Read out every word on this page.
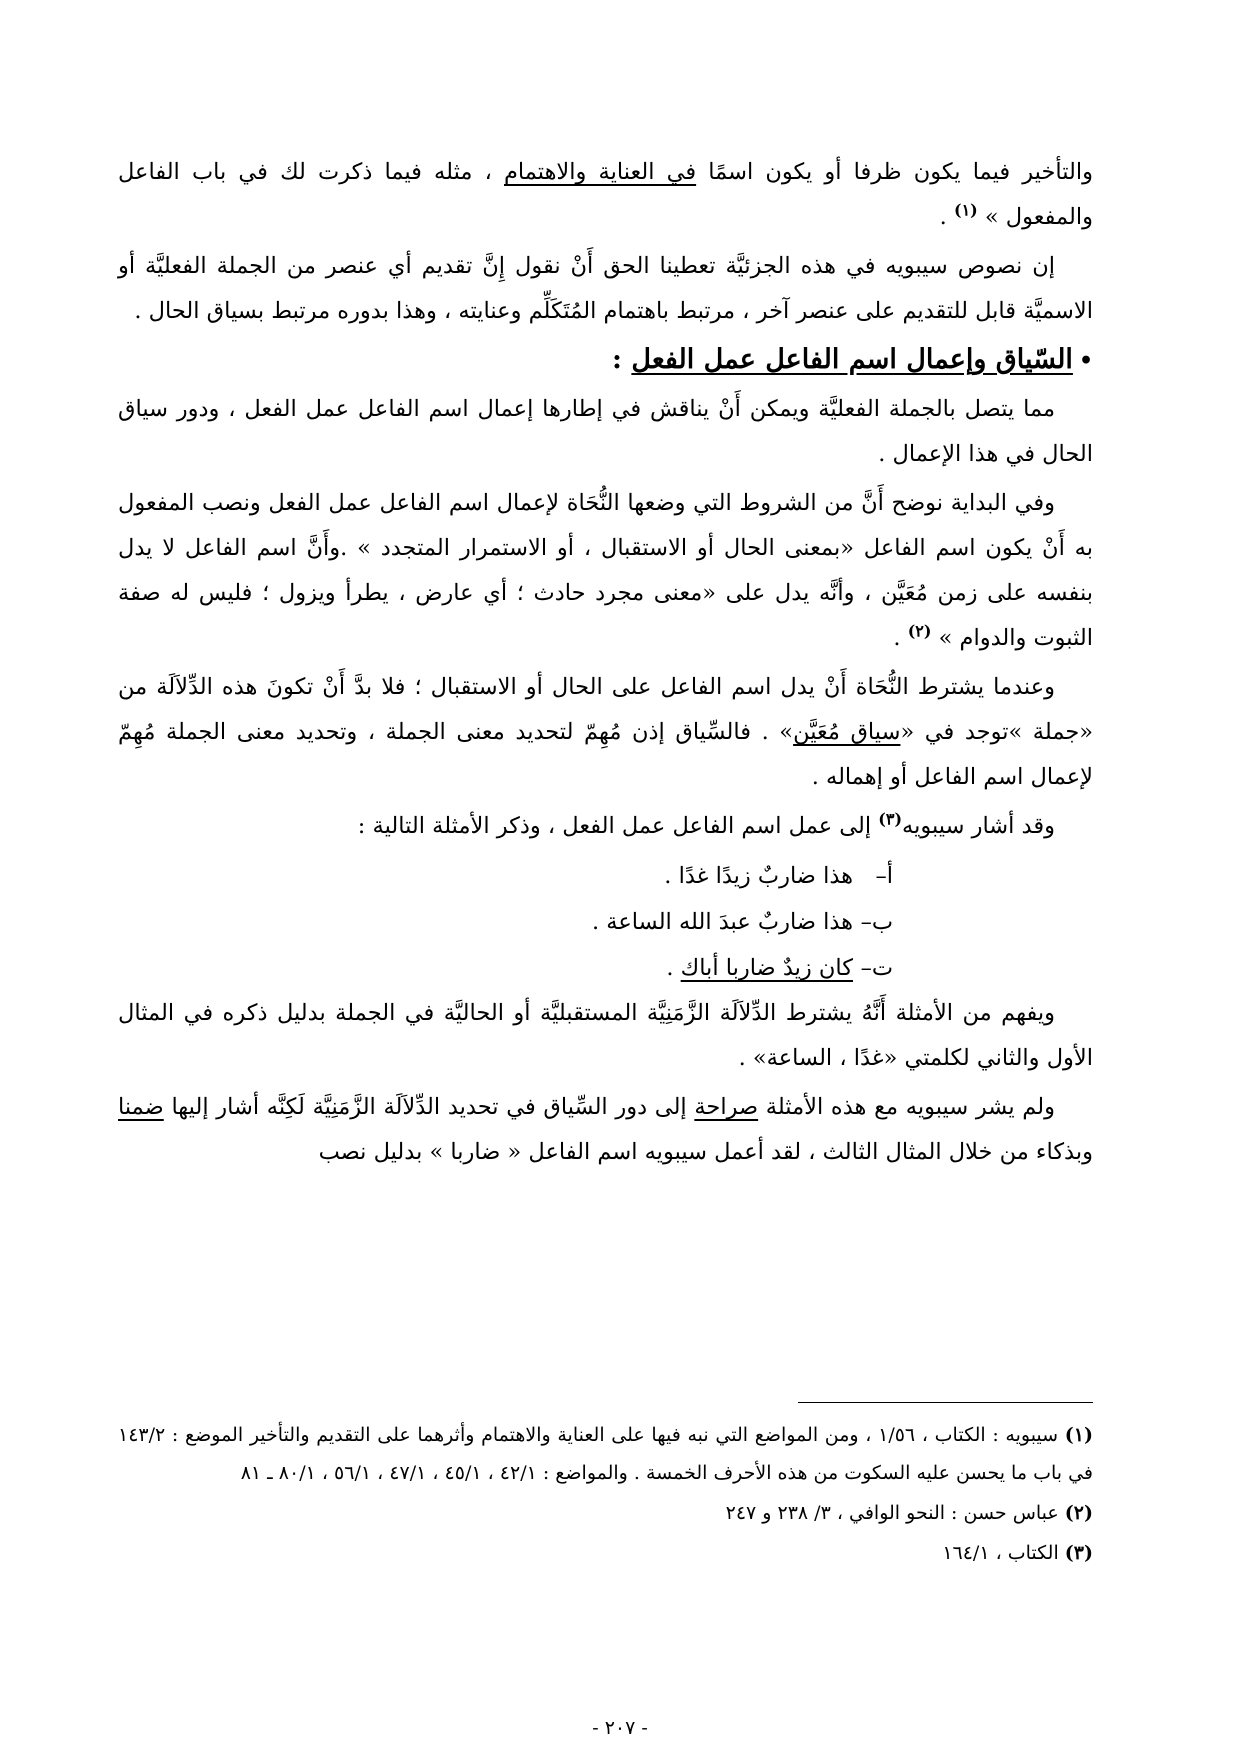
والتأخير فيما يكون ظرفا أو يكون اسمًا في العناية والاهتمام ، مثله فيما ذكرت لك في باب الفاعل والمفعول » $^{(١)}$ .

إن نصوص سيبويه في هذه الجزئيَّة تعطينا الحق أَنْ نقول إِنَّ تقديم أي عنصر من الجملة الفعليَّة أو الاسميَّة قابل للتقديم على عنصر آخر ، مرتبط باهتمام المُتَكَلِّم وعنايته ، وهذا بدوره مرتبط بسياق الحال .

•السّياق وإعمال اسم الفاعل عمل الفعل :

مما يتصل بالجملة الفعليَّة ويمكن أَنْ يناقش في إطارها إعمال اسم الفاعل عمل الفعل ، ودور سياق الحال في هذا الإعمال .

وفي البداية نوضح أَنَّ من الشروط التي وضعها النُّحَاة لإعمال اسم الفاعل عمل الفعل ونصب المفعول به أَنْ يكون اسم الفاعل «بمعنى الحال أو الاستقبال ، أو الاستمرار المتجدد » .وأَنَّ اسم الفاعل لا يدل بنفسه على زمن مُعَيَّن ، وأنَّه يدل على «معنى مجرد حادث ؛ أي عارض ، يطرأ ويزول ؛ فليس له صفة الثبوت والدوام » $^{(٢)}$ .

وعندما يشترط النُّحَاة أَنْ يدل اسم الفاعل على الحال أو الاستقبال ؛ فلا بدَّ أَنْ تكونَ هذه الدِّلاَلَة من «جملة »توجد في «سياق مُعَيَّن» . فالسِّياق إذن مُهِمّ لتحديد معنى الجملة ، وتحديد معنى الجملة مُهِمّ لإعمال اسم الفاعل أو إهماله .

وقد أشار سيبويه$^{(٣)}$ إلى عمل اسم الفاعل عمل الفعل ، وذكر الأمثلة التالية :

أ–هذا ضاربٌ زيدًا غدًا .
ب–هذا ضاربٌ عبدَ الله الساعة .
ت–كان زيدٌ ضاربا أباك .

ويفهم من الأمثلة أَنَّهُ يشترط الدِّلاَلَة الزَّمَنِيَّة المستقبليَّة أو الحاليَّة في الجملة بدليل ذكره في المثال الأول والثاني لكلمتي «غدًا ، الساعة» .

ولم يشر سيبويه مع هذه الأمثلة صراحة إلى دور السِّياق في تحديد الدِّلاَلَة الزَّمَنِيَّة لَكِنَّه أشار إليها ضمنا وبذكاء من خلال المثال الثالث ، لقد أعمل سيبويه اسم الفاعل « ضاربا » بدليل نصب

(١) سيبويه : الكتاب ، ١/٥٦ ، ومن المواضع التي نبه فيها على العناية والاهتمام وأثرهما على التقديم والتأخير الموضع : ١٤٣/٢ في باب ما يحسن عليه السكوت من هذه الأحرف الخمسة . والمواضع : ٤٢/١ ، ٤٥/١ ، ٤٧/١ ، ٥٦/١ ، ٨٠/١ ـ ٨١

(٢) عباس حسن : النحو الوافي ، ٣/ ٢٣٨ و ٢٤٧

(٣) الكتاب ، ١٦٤/١

- ٢٠٧ -
